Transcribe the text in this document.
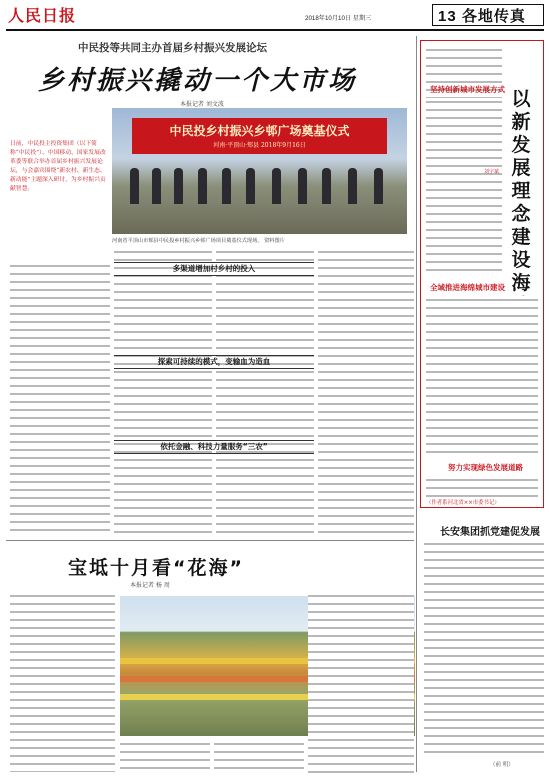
人民日报	2018年10月10日 星期三	13 各地传真
中民投等共同主办首届乡村振兴发展论坛
乡村振兴撬动一个大市场
本报记者 刘文波
日前，中民投主投资集团（以下简称“中民投”）、中国移动、国家发展改革委等联合举办首届乡村振兴发展论坛，与会嘉宾围绕“新农村、新生态、新动能”主题深入研讨，为乡村振兴贡献智慧。
中民投乡村振兴乡邨广场奠基仪式
河南·平顶山·郏县 2018年9月16日
河南省平顶山市郏县中民投乡村振兴乡邨广场项目奠基仪式现场。 资料图片
多渠道增加村乡村的投入
探索可持续的模式，变输血为造血
依托金融、科技力量服务“三农”
宝坻十月看“花海”
本报记者 杨 周
以新发展理念建设海
坚持创新城市发展方式
刘宇斌
全域推进海绵城市建设
努力实现绿色发展道路
（作者系河北省××市委书记）
长安集团抓党建促发展
（前 明）
